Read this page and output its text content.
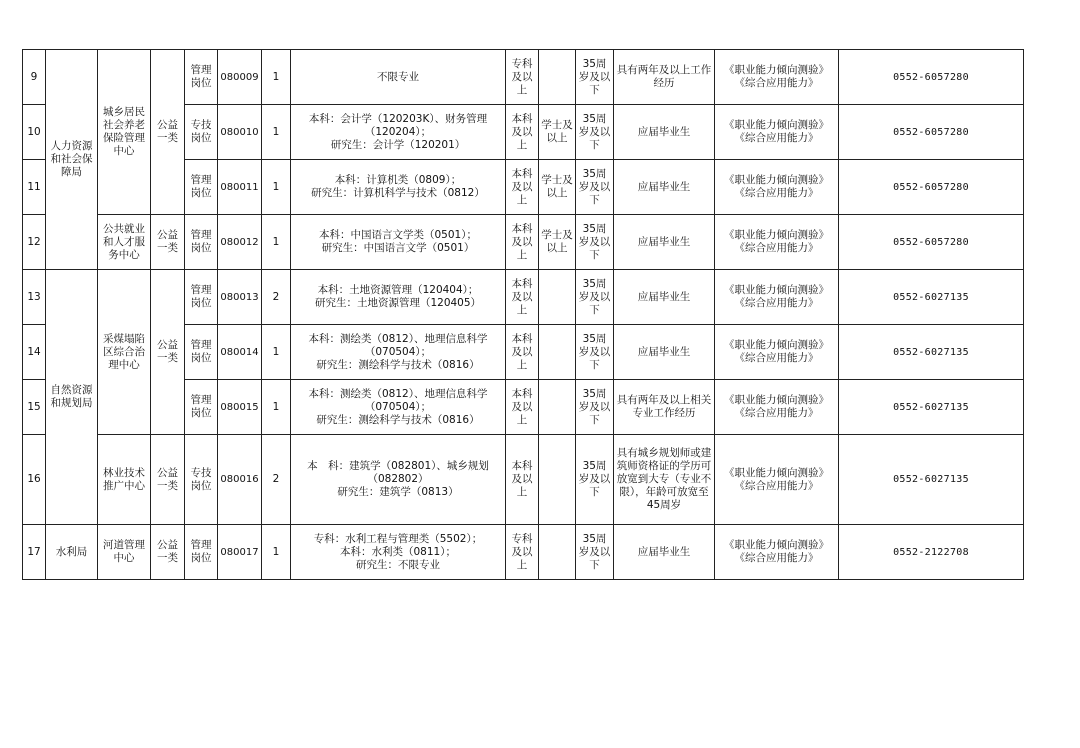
9	人力资源和社会保障局	城乡居民社会养老保险管理中心	公益一类	管理岗位	080009	1	不限专业	专科及以上		35周岁及以下	具有两年及以上工作经历	《职业能力倾向测验》
《综合应用能力》	0552-6057280
10				专技岗位	080010	1	本科：会计学（120203K）、财务管理（120204）；
研究生：会计学（120201）	本科及以上	学士及以上	35周岁及以下	应届毕业生	《职业能力倾向测验》
《综合应用能力》	0552-6057280
11				管理岗位	080011	1	本科：计算机类（0809）；
研究生：计算机科学与技术（0812）	本科及以上	学士及以上	35周岁及以下	应届毕业生	《职业能力倾向测验》
《综合应用能力》	0552-6057280
12		公共就业和人才服务中心	公益一类	管理岗位	080012	1	本科：中国语言文学类（0501）；
研究生：中国语言文学（0501）	本科及以上	学士及以上	35周岁及以下	应届毕业生	《职业能力倾向测验》
《综合应用能力》	0552-6057280
13	自然资源和规划局	采煤塌陷区综合治理中心	公益一类	管理岗位	080013	2	本科：土地资源管理（120404）；
研究生：土地资源管理（120405）	本科及以上		35周岁及以下	应届毕业生	《职业能力倾向测验》
《综合应用能力》	0552-6027135
14				管理岗位	080014	1	本科：测绘类（0812）、地理信息科学（070504）；
研究生：测绘科学与技术（0816）	本科及以上		35周岁及以下	应届毕业生	《职业能力倾向测验》
《综合应用能力》	0552-6027135
15				管理岗位	080015	1	本科：测绘类（0812）、地理信息科学（070504）；
研究生：测绘科学与技术（0816）	本科及以上		35周岁及以下	具有两年及以上相关专业工作经历	《职业能力倾向测验》
《综合应用能力》	0552-6027135
16		林业技术推广中心	公益一类	专技岗位	080016	2	本　科：建筑学（082801）、城乡规划（082802）
研究生：建筑学（0813）	本科及以上		35周岁及以下	具有城乡规划师或建筑师资格证的学历可放宽到大专（专业不限），年龄可放宽至45周岁	《职业能力倾向测验》
《综合应用能力》	0552-6027135
17	水利局	河道管理中心	公益一类	管理岗位	080017	1	专科：水利工程与管理类（5502）；
本科：水利类（0811）；
研究生：不限专业	专科及以上		35周岁及以下	应届毕业生	《职业能力倾向测验》
《综合应用能力》	0552-2122708
